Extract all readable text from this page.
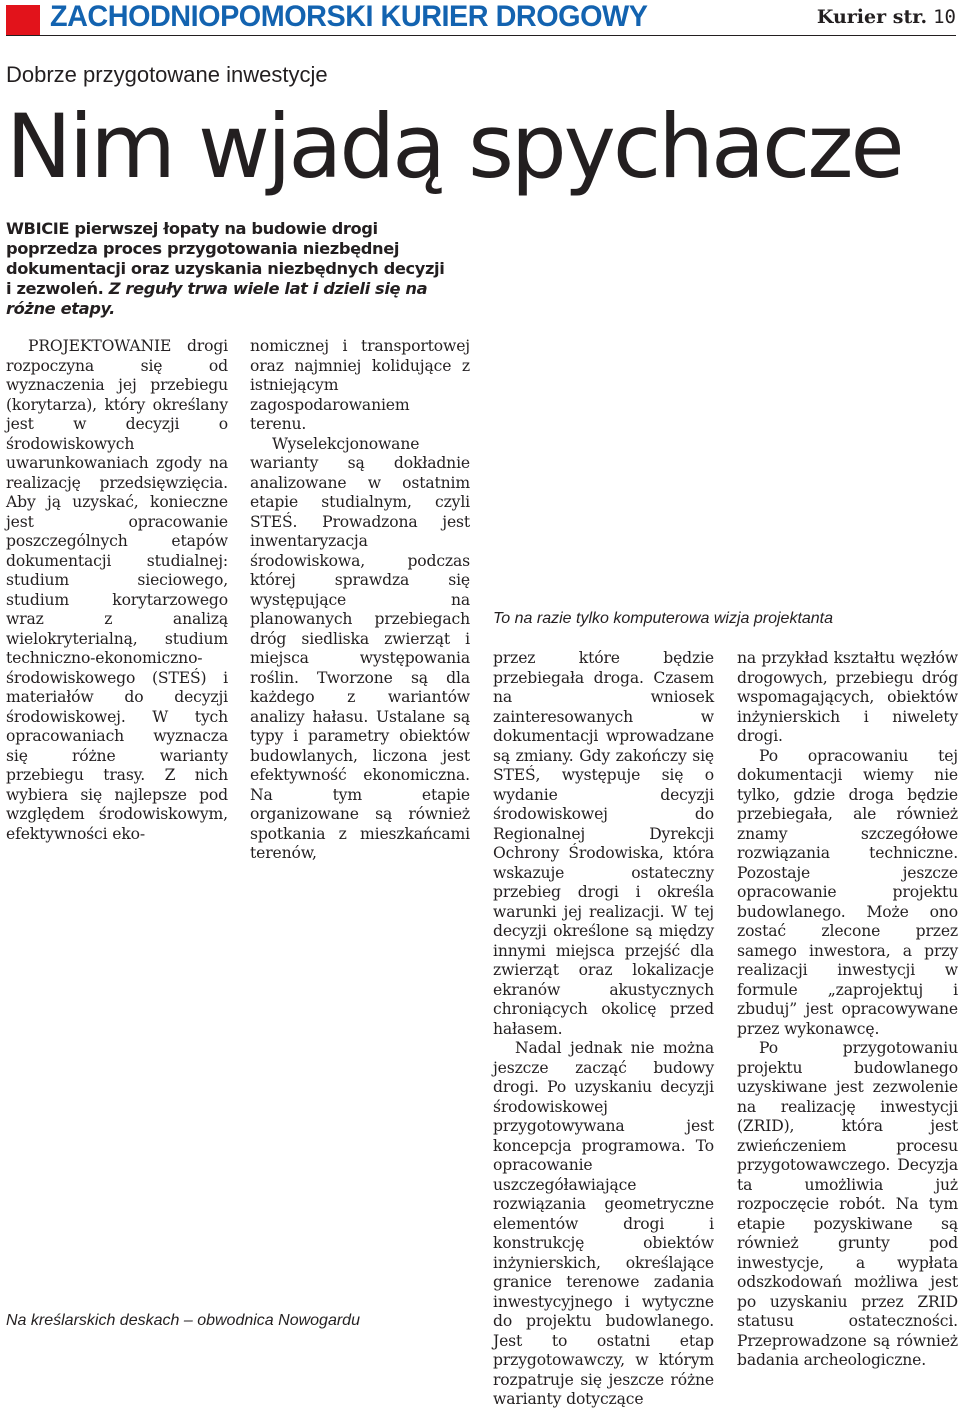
ZACHODNIOPOMORSKI KURIER DROGOWY	Kurier str. 10
Dobrze przygotowane inwestycje
Nim wjadą spychacze

WBICIE pierwszej łopaty na budowie drogi poprzedza proces przygotowania niezbędnej dokumentacji oraz uzyskania niezbędnych decyzji i zezwoleń. Z reguły trwa wiele lat i dzieli się na różne etapy.

PROJEKTOWANIE drogi rozpoczyna się od wyznaczenia jej przebiegu (korytarza), który określany jest w decyzji o środowiskowych uwarunkowaniach zgody na realizację przedsięwzięcia. Aby ją uzyskać, konieczne jest opracowanie poszczególnych etapów dokumentacji studialnej: studium sieciowego, studium korytarzowego wraz z analizą wielokryterialną, studium techniczno-ekonomiczno-środowiskowego (STEŚ) i materiałów do decyzji środowiskowej. W tych opracowaniach wyznacza się różne warianty przebiegu trasy. Z nich wybiera się najlepsze pod względem środowiskowym, efektywności eko-

nomicznej i transportowej oraz najmniej kolidujące z istniejącym zagospodarowaniem terenu.

Wyselekcjonowane warianty są dokładnie analizowane w ostatnim etapie studialnym, czyli STEŚ. Prowadzona jest inwentaryzacja środowiskowa, podczas której sprawdza się występujące na planowanych przebiegach dróg siedliska zwierząt i miejsca występowania roślin. Tworzone są dla każdego z wariantów analizy hałasu. Ustalane są typy i parametry obiektów budowlanych, liczona jest efektywność ekonomiczna. Na tym etapie organizowane są również spotkania z mieszkańcami terenów,

To na razie tylko komputerowa wizja projektanta

przez które będzie przebiegała droga. Czasem na wniosek zainteresowanych w dokumentacji wprowadzane są zmiany. Gdy zakończy się STEŚ, występuje się o wydanie decyzji środowiskowej do Regionalnej Dyrekcji Ochrony Środowiska, która wskazuje ostateczny przebieg drogi i określa warunki jej realizacji. W tej decyzji określone są między innymi miejsca przejść dla zwierząt oraz lokalizacje ekranów akustycznych chroniących okolicę przed hałasem.

Nadal jednak nie można jeszcze zacząć budowy drogi. Po uzyskaniu decyzji środowiskowej przygotowywana jest koncepcja programowa. To opracowanie uszczegóławiające rozwiązania geometryczne elementów drogi i konstrukcję obiektów inżynierskich, określające granice terenowe zadania inwestycyjnego i wytyczne do projektu budowlanego. Jest to ostatni etap przygotowawczy, w którym rozpatruje się jeszcze różne warianty dotyczące

na przykład kształtu węzłów drogowych, przebiegu dróg wspomagających, obiektów inżynierskich i niwelety drogi.

Po opracowaniu tej dokumentacji wiemy nie tylko, gdzie droga będzie przebiegała, ale również znamy szczegółowe rozwiązania techniczne. Pozostaje jeszcze opracowanie projektu budowlanego. Może ono zostać zlecone przez samego inwestora, a przy realizacji inwestycji w formule „zaprojektuj i zbuduj” jest opracowywane przez wykonawcę.

Po przygotowaniu projektu budowlanego uzyskiwane jest zezwolenie na realizację inwestycji (ZRID), która jest zwieńczeniem procesu przygotowawczego. Decyzja ta umożliwia już rozpoczęcie robót. Na tym etapie pozyskiwane są również grunty pod inwestycje, a wypłata odszkodowań możliwa jest po uzyskaniu przez ZRID statusu ostateczności. Przeprowadzone są również badania archeologiczne.

Na kreślarskich deskach – obwodnica Nowogardu
